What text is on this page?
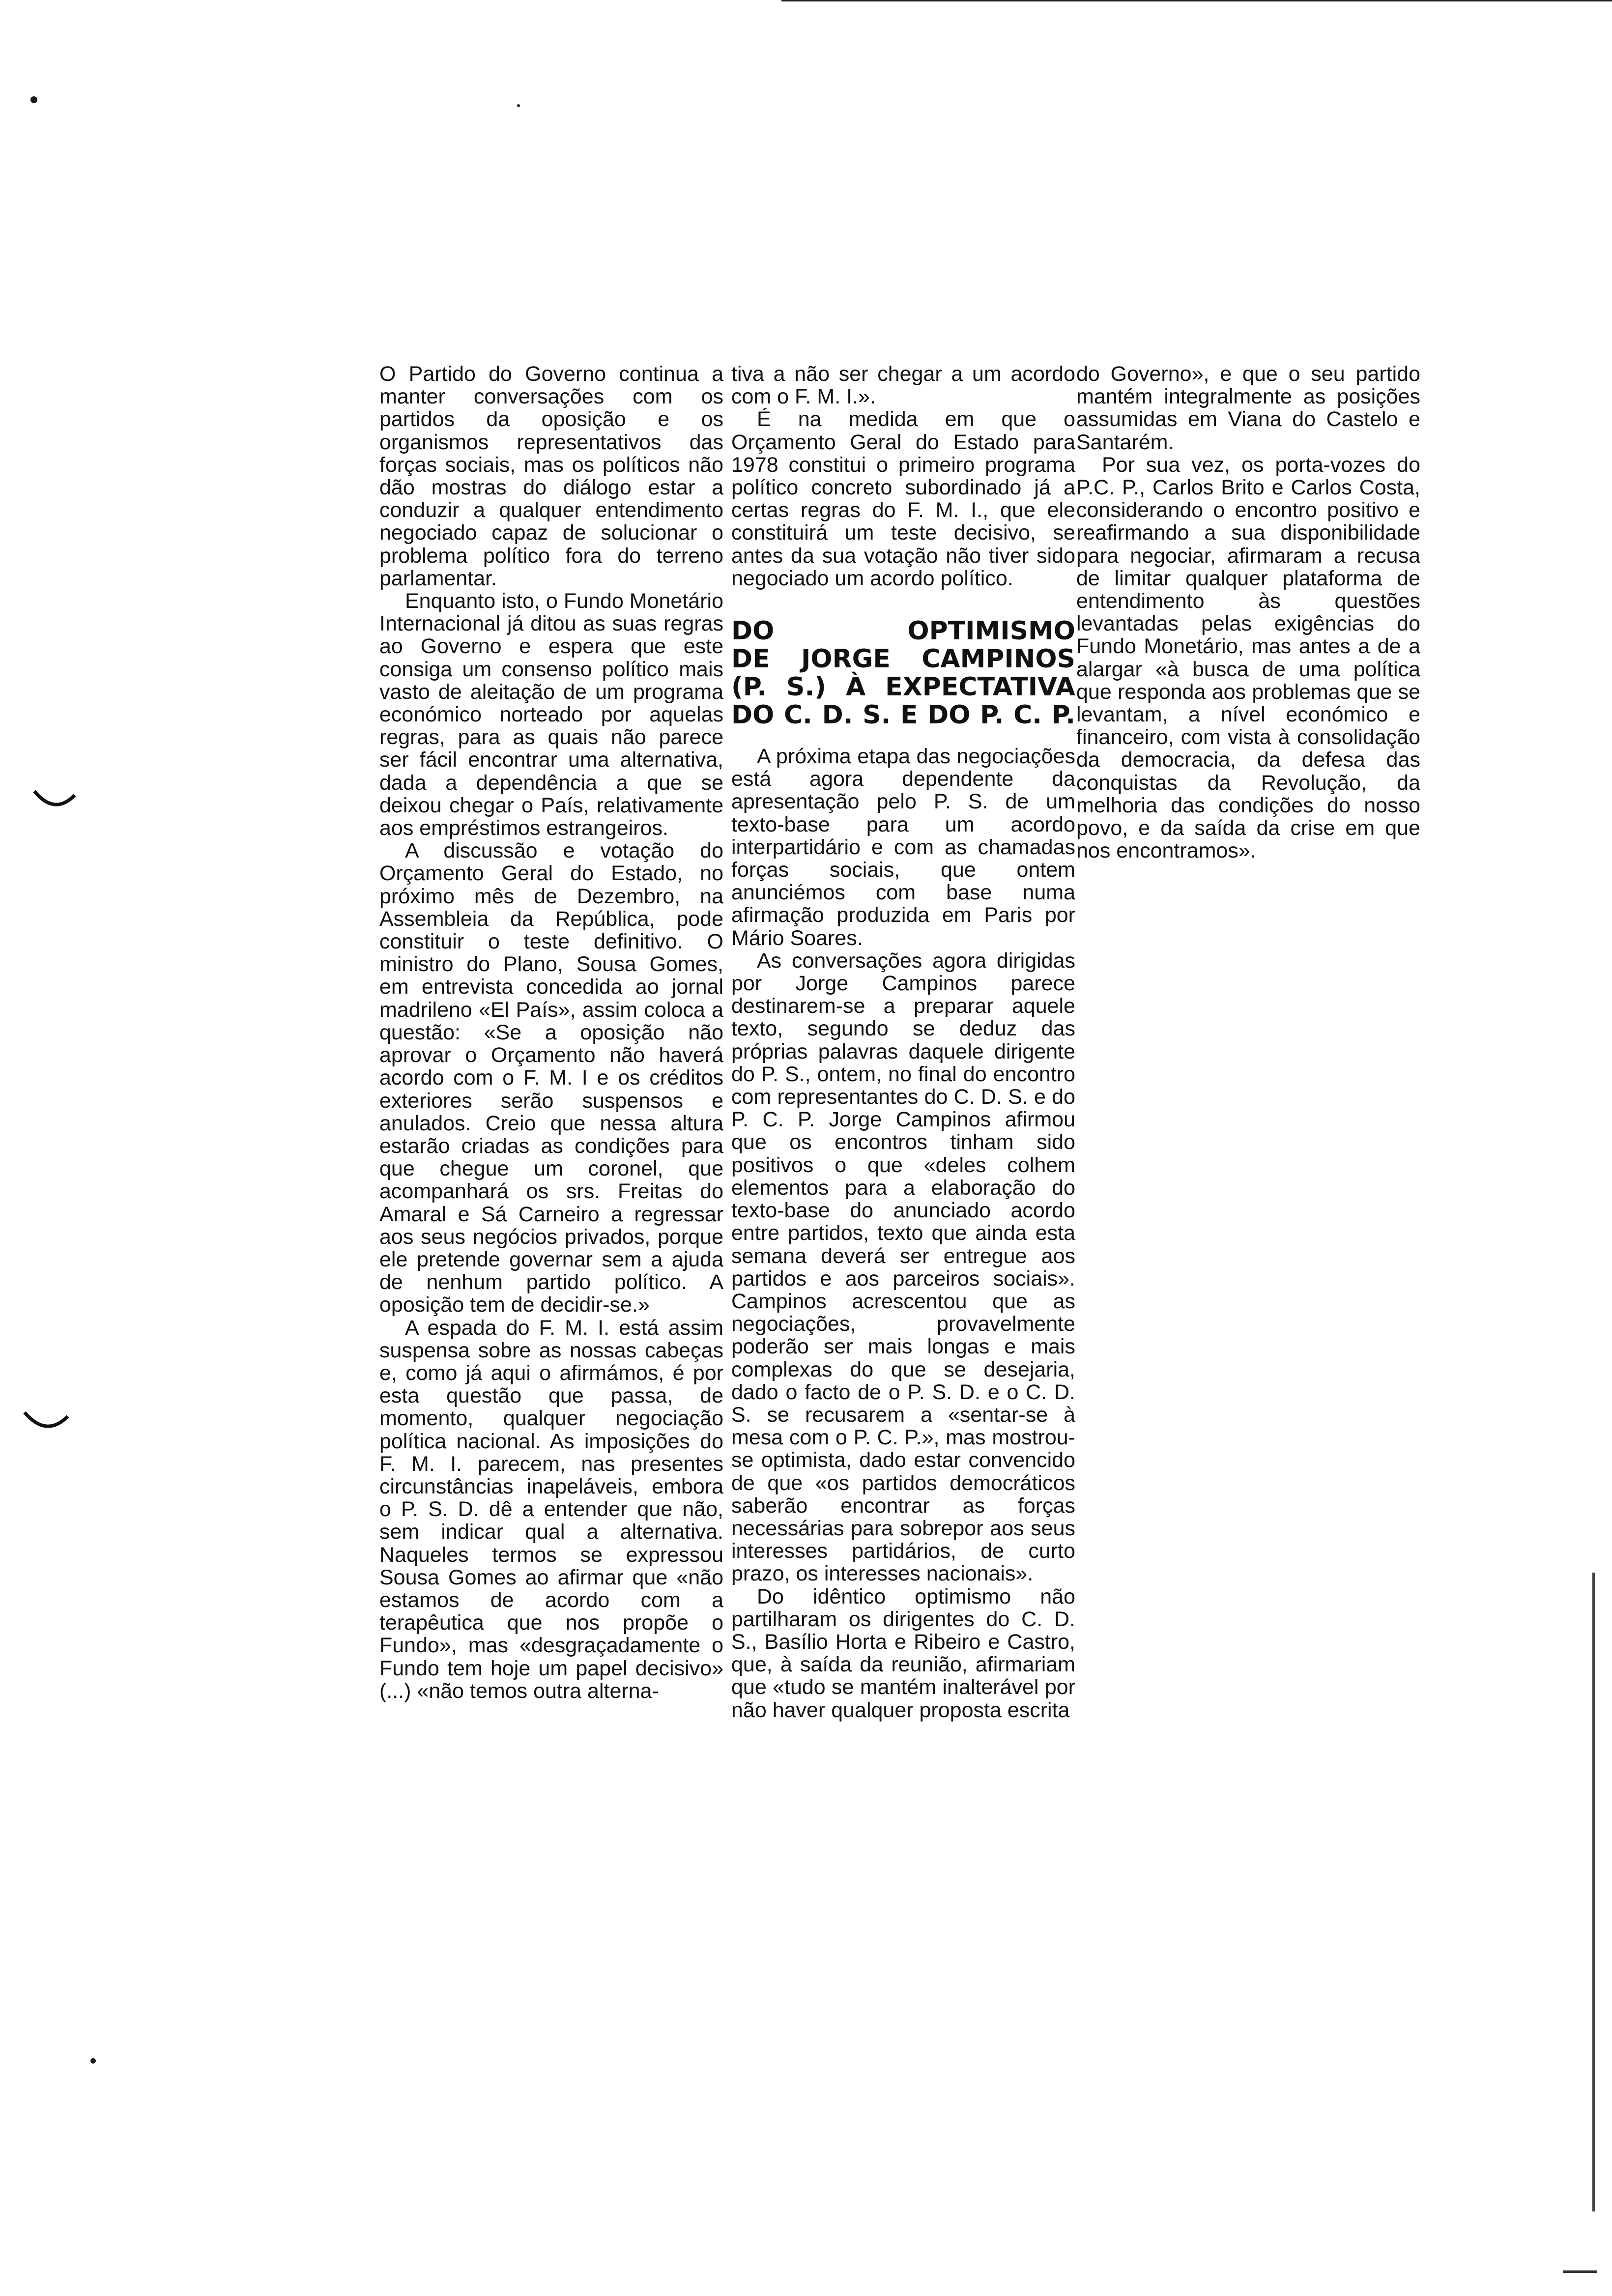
O Partido do Governo continua a manter conversações com os partidos da oposição e os organismos representativos das forças sociais, mas os políticos não dão mostras do diálogo estar a conduzir a qualquer entendimento negociado capaz de solucionar o problema político fora do terreno parlamentar.

Enquanto isto, o Fundo Monetário Internacional já ditou as suas regras ao Governo e espera que este consiga um consenso político mais vasto de aleitação de um programa económico norteado por aquelas regras, para as quais não parece ser fácil encontrar uma alternativa, dada a dependência a que se deixou chegar o País, relativamente aos empréstimos estrangeiros.

A discussão e votação do Orçamento Geral do Estado, no próximo mês de Dezembro, na Assembleia da República, pode constituir o teste definitivo. O ministro do Plano, Sousa Gomes, em entrevista concedida ao jornal madrileno «El País», assim coloca a questão: «Se a oposição não aprovar o Orçamento não haverá acordo com o F. M. I e os créditos exteriores serão suspensos e anulados. Creio que nessa altura estarão criadas as condições para que chegue um coronel, que acompanhará os srs. Freitas do Amaral e Sá Carneiro a regressar aos seus negócios privados, porque ele pretende governar sem a ajuda de nenhum partido político. A oposição tem de decidir-se.»

A espada do F. M. I. está assim suspensa sobre as nossas cabeças e, como já aqui o afirmámos, é por esta questão que passa, de momento, qualquer negociação política nacional. As imposições do F. M. I. parecem, nas presentes circunstâncias inapeláveis, embora o P. S. D. dê a entender que não, sem indicar qual a alternativa. Naqueles termos se expressou Sousa Gomes ao afirmar que «não estamos de acordo com a terapêutica que nos propõe o Fundo», mas «desgraçadamente o Fundo tem hoje um papel decisivo» (...) «não temos outra alterna-

tiva a não ser chegar a um acordo com o F. M. I.».

É na medida em que o Orçamento Geral do Estado para 1978 constitui o primeiro programa político concreto subordinado já a certas regras do F. M. I., que ele constituirá um teste decisivo, se antes da sua votação não tiver sido negociado um acordo político.

DO OPTIMISMO
DE JORGE CAMPINOS
(P. S.) À EXPECTATIVA
DO C. D. S. E DO P. C. P.

A próxima etapa das negociações está agora dependente da apresentação pelo P. S. de um texto-base para um acordo interpartidário e com as chamadas forças sociais, que ontem anunciémos com base numa afirmação produzida em Paris por Mário Soares.

As conversações agora dirigidas por Jorge Campinos parece destinarem-se a preparar aquele texto, segundo se deduz das próprias palavras daquele dirigente do P. S., ontem, no final do encontro com representantes do C. D. S. e do P. C. P. Jorge Campinos afirmou que os encontros tinham sido positivos o que «deles colhem elementos para a elaboração do texto-base do anunciado acordo entre partidos, texto que ainda esta semana deverá ser entregue aos partidos e aos parceiros sociais». Campinos acrescentou que as negociações, provavelmente poderão ser mais longas e mais complexas do que se desejaria, dado o facto de o P. S. D. e o C. D. S. se recusarem a «sentar-se à mesa com o P. C. P.», mas mostrou-se optimista, dado estar convencido de que «os partidos democráticos saberão encontrar as forças necessárias para sobrepor aos seus interesses partidários, de curto prazo, os interesses nacionais».

Do idêntico optimismo não partilharam os dirigentes do C. D. S., Basílio Horta e Ribeiro e Castro, que, à saída da reunião, afirmariam que «tudo se mantém inalterável por não haver qualquer proposta escrita

do Governo», e que o seu partido mantém integralmente as posições assumidas em Viana do Castelo e Santarém.

Por sua vez, os porta-vozes do P.C. P., Carlos Brito e Carlos Costa, considerando o encontro positivo e reafirmando a sua disponibilidade para negociar, afirmaram a recusa de limitar qualquer plataforma de entendimento às questões levantadas pelas exigências do Fundo Monetário, mas antes a de a alargar «à busca de uma política que responda aos problemas que se levantam, a nível económico e financeiro, com vista à consolidação da democracia, da defesa das conquistas da Revolução, da melhoria das condições do nosso povo, e da saída da crise em que nos encontramos».
